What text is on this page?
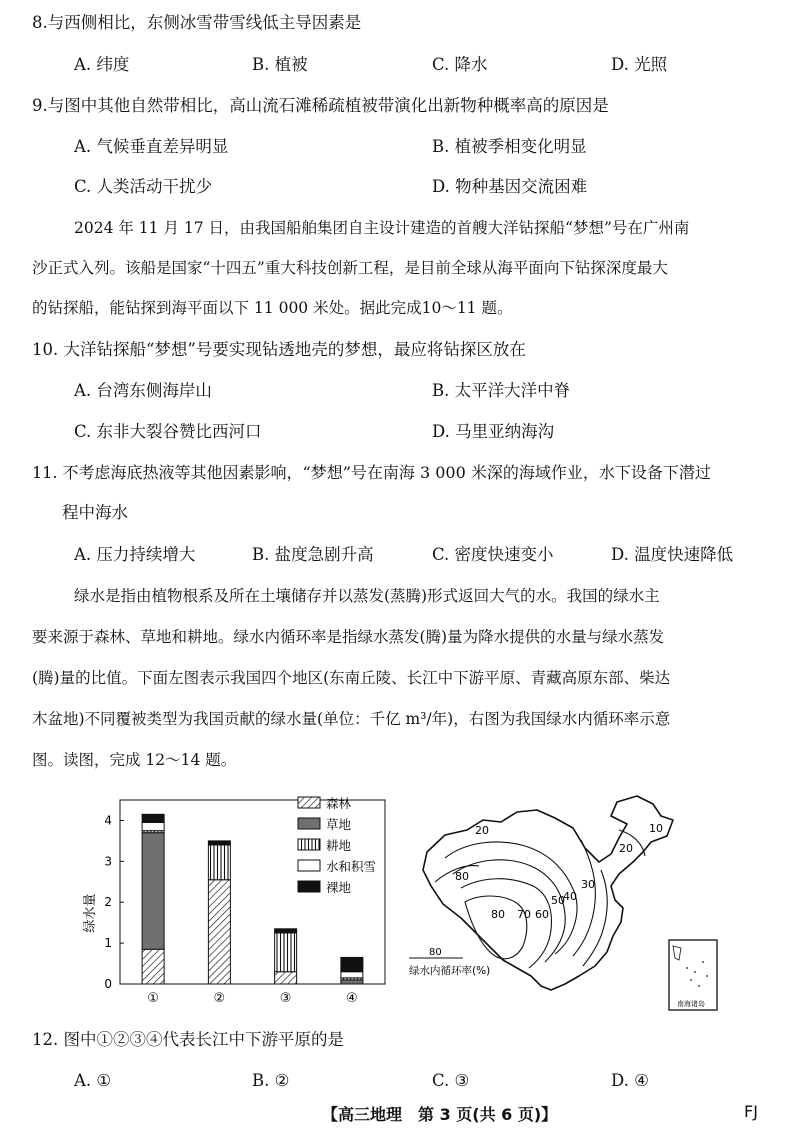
8.与西侧相比，东侧冰雪带雪线低主导因素是
A. 纬度	B. 植被	C. 降水	D. 光照
9.与图中其他自然带相比，高山流石滩稀疏植被带演化出新物种概率高的原因是
A. 气候垂直差异明显	B. 植被季相变化明显
C. 人类活动干扰少	D. 物种基因交流困难
2024 年 11 月 17 日，由我国船舶集团自主设计建造的首艘大洋钻探船“梦想”号在广州南
沙正式入列。该船是国家“十四五”重大科技创新工程，是目前全球从海平面向下钻探深度最大
的钻探船，能钻探到海平面以下 11 000 米处。据此完成10～11 题。
10. 大洋钻探船“梦想”号要实现钻透地壳的梦想，最应将钻探区放在
A. 台湾东侧海岸山	B. 太平洋大洋中脊
C. 东非大裂谷赞比西河口	D. 马里亚纳海沟
11. 不考虑海底热液等其他因素影响，“梦想”号在南海 3 000 米深的海域作业，水下设备下潜过
程中海水
A. 压力持续增大	B. 盐度急剧升高	C. 密度快速变小	D. 温度快速降低
绿水是指由植物根系及所在土壤储存并以蒸发(蒸腾)形式返回大气的水。我国的绿水主
要来源于森林、草地和耕地。绿水内循环率是指绿水蒸发(腾)量为降水提供的水量与绿水蒸发
(腾)量的比值。下面左图表示我国四个地区(东南丘陵、长江中下游平原、青藏高原东部、柴达
木盆地)不同覆被类型为我国贡献的绿水量(单位：千亿 m³/年)，右图为我国绿水内循环率示意
图。读图，完成 12～14 题。
0
1
2
3
4
①	②	③	④
绿水量
森林
草地
耕地
水和积雪
裸地
20	10
20
80
30
50
40
80 70 60
80
绿水内循环率(%)
南海诸岛
12. 图中①②③④代表长江中下游平原的是
A. ①	B. ②	C. ③	D. ④
【高三地理　第 3 页(共 6 页)】	FJ
